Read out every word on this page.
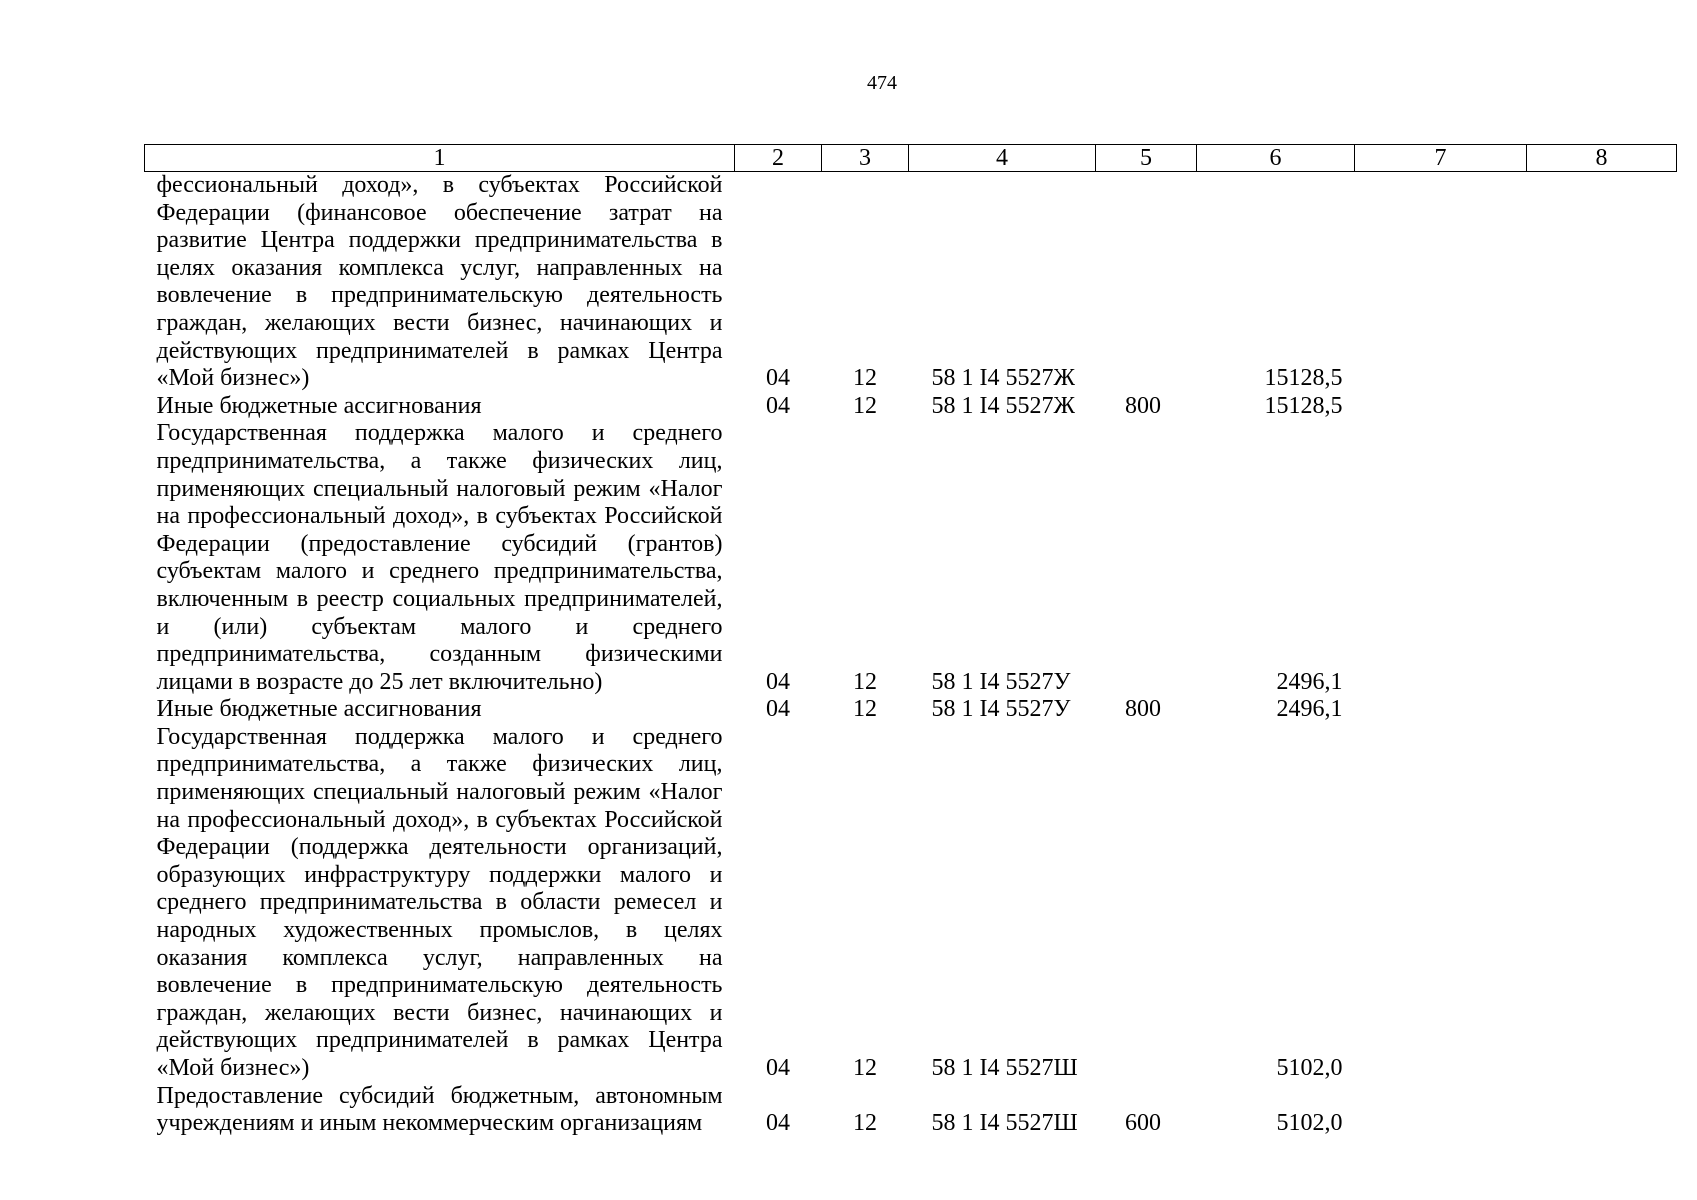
474
1	2	3	4	5	6	7	8
фессиональный доход», в субъектах Российской Федерации (финансовое обеспечение затрат на развитие Центра поддержки предпринимательства в целях оказания комплекса услуг, направленных на вовлечение в предпринимательскую деятельность граждан, желающих вести бизнес, начинающих и действующих предпринимателей в рамках Центра «Мой бизнес»)	04	12	58 1 I4 5527Ж		15128,5		
Иные бюджетные ассигнования	04	12	58 1 I4 5527Ж	800	15128,5		
Государственная поддержка малого и среднего предпринимательства, а также физических лиц, применяющих специальный налоговый режим «Налог на профессиональный доход», в субъектах Российской Федерации (предоставление субсидий (грантов) субъектам малого и среднего предпринимательства, включенным в реестр социальных предпринимателей, и (или) субъектам малого и среднего предпринимательства, созданным физическими лицами в возрасте до 25 лет включительно)	04	12	58 1 I4 5527У		2496,1		
Иные бюджетные ассигнования	04	12	58 1 I4 5527У	800	2496,1		
Государственная поддержка малого и среднего предпринимательства, а также физических лиц, применяющих специальный налоговый режим «Налог на профессиональный доход», в субъектах Российской Федерации (поддержка деятельности организаций, образующих инфраструктуру поддержки малого и среднего предпринимательства в области ремесел и народных художественных промыслов, в целях оказания комплекса услуг, направленных на вовлечение в предпринимательскую деятельность граждан, желающих вести бизнес, начинающих и действующих предпринимателей в рамках Центра «Мой бизнес»)	04	12	58 1 I4 5527Ш		5102,0		
Предоставление субсидий бюджетным, автономным учреждениям и иным некоммерческим организациям	04	12	58 1 I4 5527Ш	600	5102,0		
